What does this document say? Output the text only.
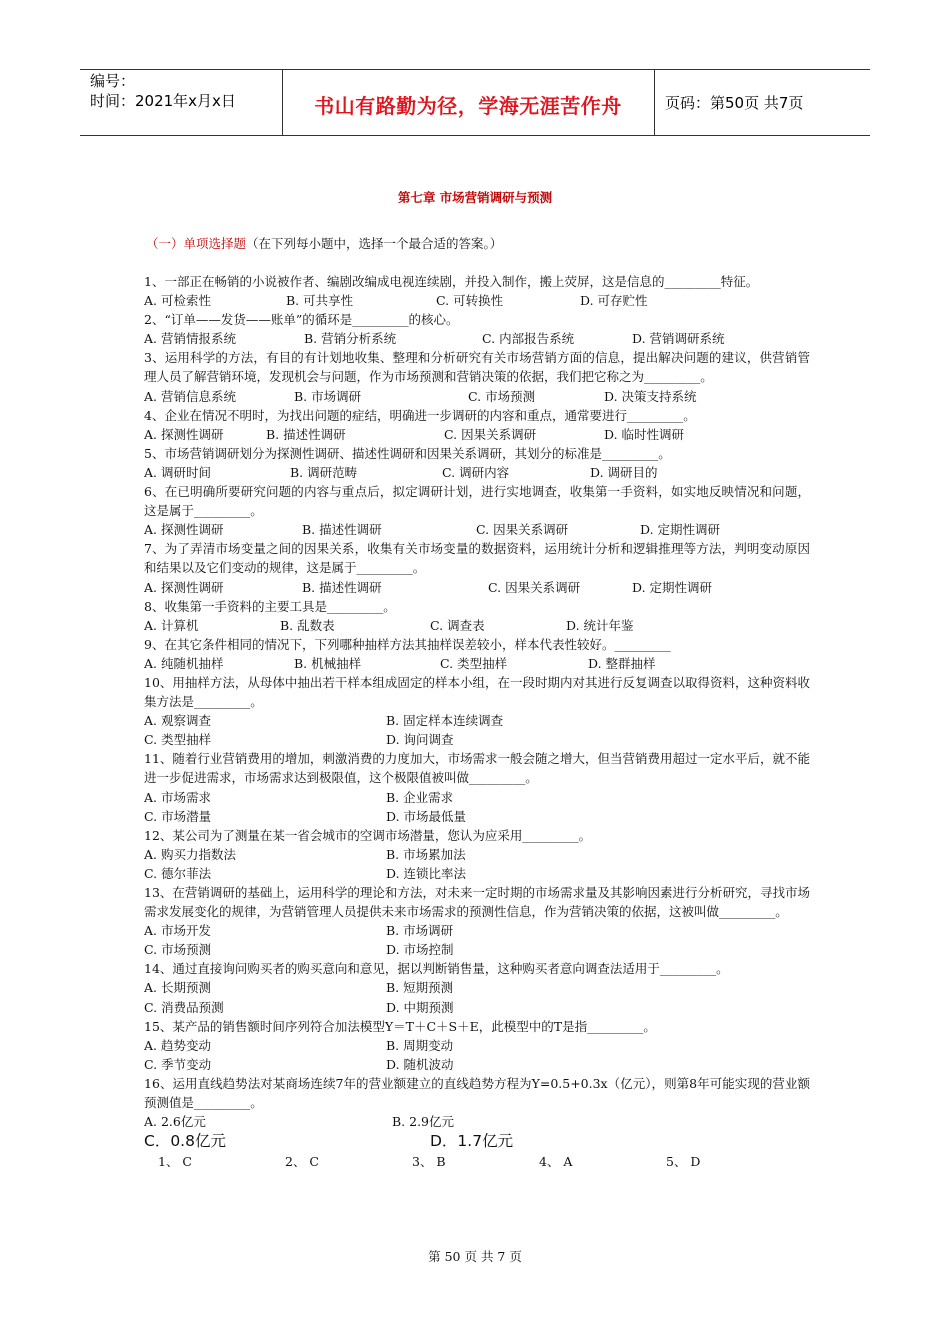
编号：
时间：2021年x月x日	书山有路勤为径，学海无涯苦作舟	页码：第50页 共7页
第七章 市场营销调研与预测
（一）单项选择题（在下列每小题中，选择一个最合适的答案。）
1、一部正在畅销的小说被作者、编剧改编成电视连续剧，并投入制作，搬上荧屏，这是信息的_________特征。
A. 可检索性	B. 可共享性	C. 可转换性	D. 可存贮性
2、“订单——发货——账单”的循环是_________的核心。
A. 营销情报系统	B. 营销分析系统	C. 内部报告系统	D. 营销调研系统
3、运用科学的方法，有目的有计划地收集、整理和分析研究有关市场营销方面的信息，提出解决问题的建议，供营销管理人员了解营销环境，发现机会与问题，作为市场预测和营销决策的依据，我们把它称之为_________。
A. 营销信息系统	B. 市场调研	C. 市场预测	D. 决策支持系统
4、企业在情况不明时，为找出问题的症结，明确进一步调研的内容和重点，通常要进行_________。
A. 探测性调研	B. 描述性调研	C. 因果关系调研	D. 临时性调研
5、市场营销调研划分为探测性调研、描述性调研和因果关系调研，其划分的标准是_________。
A. 调研时间	B. 调研范畴	C. 调研内容	D. 调研目的
6、在已明确所要研究问题的内容与重点后，拟定调研计划，进行实地调查，收集第一手资料，如实地反映情况和问题，这是属于_________。
A. 探测性调研	B. 描述性调研	C. 因果关系调研	D. 定期性调研
7、为了弄清市场变量之间的因果关系，收集有关市场变量的数据资料，运用统计分析和逻辑推理等方法，判明变动原因和结果以及它们变动的规律，这是属于_________。
A. 探测性调研	B. 描述性调研	C. 因果关系调研	D. 定期性调研
8、收集第一手资料的主要工具是_________。
A. 计算机	B. 乱数表	C. 调查表	D. 统计年鉴
9、在其它条件相同的情况下，下列哪种抽样方法其抽样误差较小，样本代表性较好。_________
A. 纯随机抽样	B. 机械抽样	C. 类型抽样	D. 整群抽样
10、用抽样方法，从母体中抽出若干样本组成固定的样本小组，在一段时期内对其进行反复调查以取得资料，这种资料收集方法是_________。
A. 观察调查	B. 固定样本连续调查
C. 类型抽样	D. 询问调查
11、随着行业营销费用的增加，刺激消费的力度加大，市场需求一般会随之增大，但当营销费用超过一定水平后，就不能进一步促进需求，市场需求达到极限值，这个极限值被叫做_________。
A. 市场需求	B. 企业需求
C. 市场潜量	D. 市场最低量
12、某公司为了测量在某一省会城市的空调市场潜量，您认为应采用_________。
A. 购买力指数法	B. 市场累加法
C. 德尔菲法	D. 连锁比率法
13、在营销调研的基础上，运用科学的理论和方法，对未来一定时期的市场需求量及其影响因素进行分析研究，寻找市场需求发展变化的规律，为营销管理人员提供未来市场需求的预测性信息，作为营销决策的依据，这被叫做_________。
A. 市场开发	B. 市场调研
C. 市场预测	D. 市场控制
14、通过直接询问购买者的购买意向和意见，据以判断销售量，这种购买者意向调查法适用于_________。
A. 长期预测	B. 短期预测
C. 消费品预测	D. 中期预测
15、某产品的销售额时间序列符合加法模型Y＝T＋C＋S＋E，此模型中的T是指_________。
A. 趋势变动	B. 周期变动
C. 季节变动	D. 随机波动
16、运用直线趋势法对某商场连续7年的营业额建立的直线趋势方程为Y=0.5+0.3x（亿元），则第8年可能实现的营业额预测值是_________。
A. 2.6亿元	B. 2.9亿元
C．0.8亿元	D．1.7亿元
1、 C	2、 C	3、 B	4、 A	5、 D
第 50 页 共 7 页
